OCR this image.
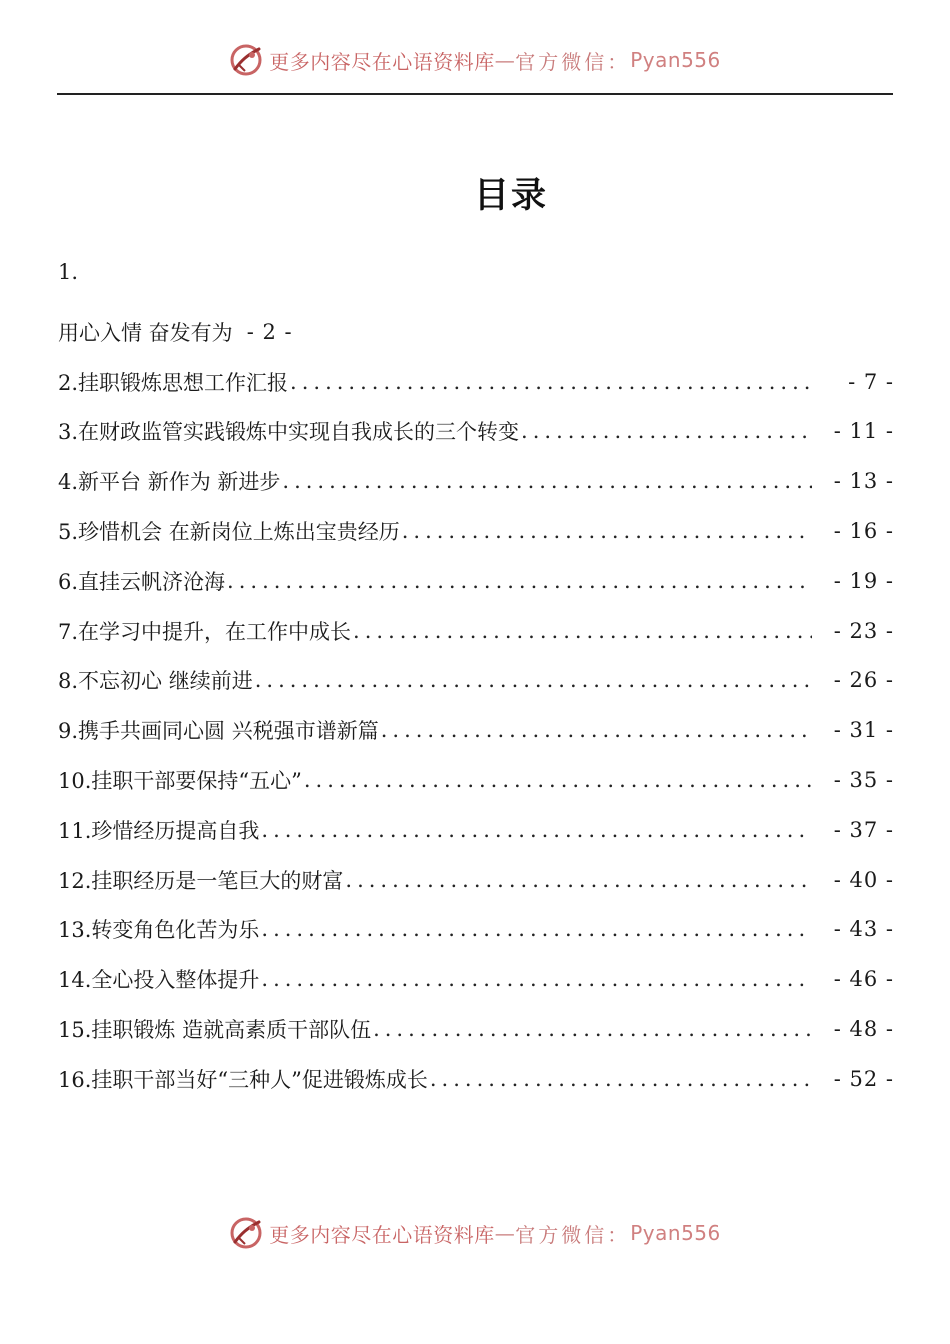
更多内容尽在心语资料库 — 官方微信： Pyan556
目录
1.
用心入情 奋发有为 - 2 -
2.挂职锻炼思想工作汇报 .....	- 7 -
3.在财政监管实践锻炼中实现自我成长的三个转变 .....	- 11 -
4.新平台 新作为 新进步 .....	- 13 -
5.珍惜机会 在新岗位上炼出宝贵经历 .....	- 16 -
6.直挂云帆济沧海 .....	- 19 -
7.在学习中提升，在工作中成长 .....	- 23 -
8.不忘初心 继续前进 .....	- 26 -
9.携手共画同心圆 兴税强市谱新篇 .....	- 31 -
10.挂职干部要保持“五心” .....	- 35 -
11.珍惜经历提高自我 .....	- 37 -
12.挂职经历是一笔巨大的财富 .....	- 40 -
13.转变角色化苦为乐 .....	- 43 -
14.全心投入整体提升 .....	- 46 -
15.挂职锻炼 造就高素质干部队伍 .....	- 48 -
16.挂职干部当好“三种人”促进锻炼成长 .....	- 52 -
更多内容尽在心语资料库 — 官方微信： Pyan556
